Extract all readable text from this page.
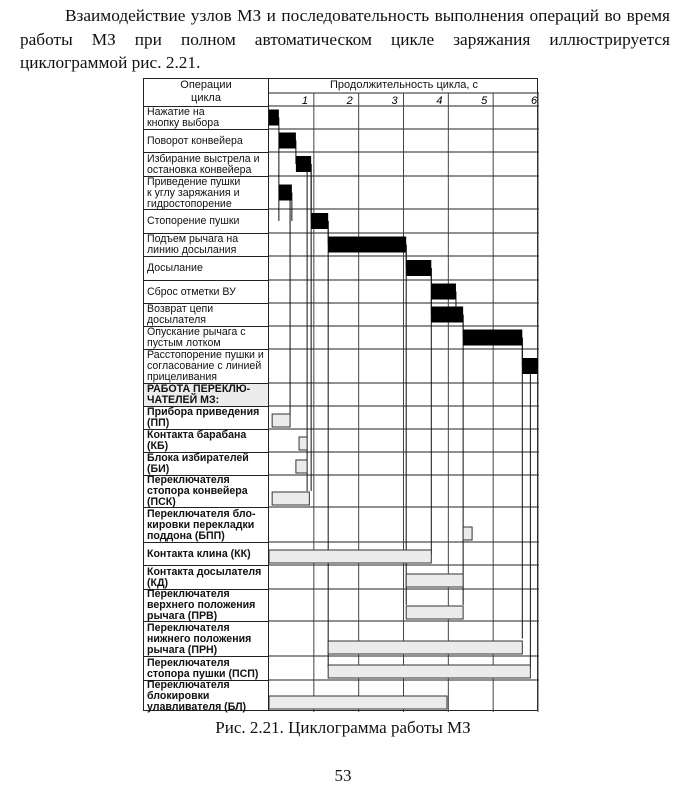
Взаимодействие узлов МЗ и последовательность выполнения операций во время работы МЗ при полном автоматическом цикле заряжания иллюстрируется циклограммой рис. 2.21.
Операции
цикла
Продолжительность цикла, с
1	2	3	4	5	6
Нажатие на
кнопку выбора
Поворот конвейера
Избирание выстрела и
остановка конвейера
Приведение пушки
к углу заряжания и
гидростопорение
Стопорение пушки
Подъем рычага на
линию досылания
Досылание
Сброс отметки ВУ
Возврат цепи
досылателя
Опускание рычага с
пустым лотком
Расстопорение пушки и
согласование с линией
прицеливания
РАБОТА ПЕРЕКЛЮ-
ЧАТЕЛЕЙ МЗ:
Прибора приведения
(ПП)
Контакта барабана
(КБ)
Блока избирателей
(БИ)
Переключателя
стопора конвейера
(ПСК)
Переключателя бло-
кировки перекладки
поддона (БПП)
Контакта клина (КК)
Контакта досылателя
(КД)
Переключателя
верхнего положения
рычага (ПРВ)
Переключателя
нижнего положения
рычага (ПРН)
Переключателя
стопора пушки (ПСП)
Переключателя
блокировки
улавливателя (БЛ)
Рис. 2.21. Циклограмма работы МЗ
53
